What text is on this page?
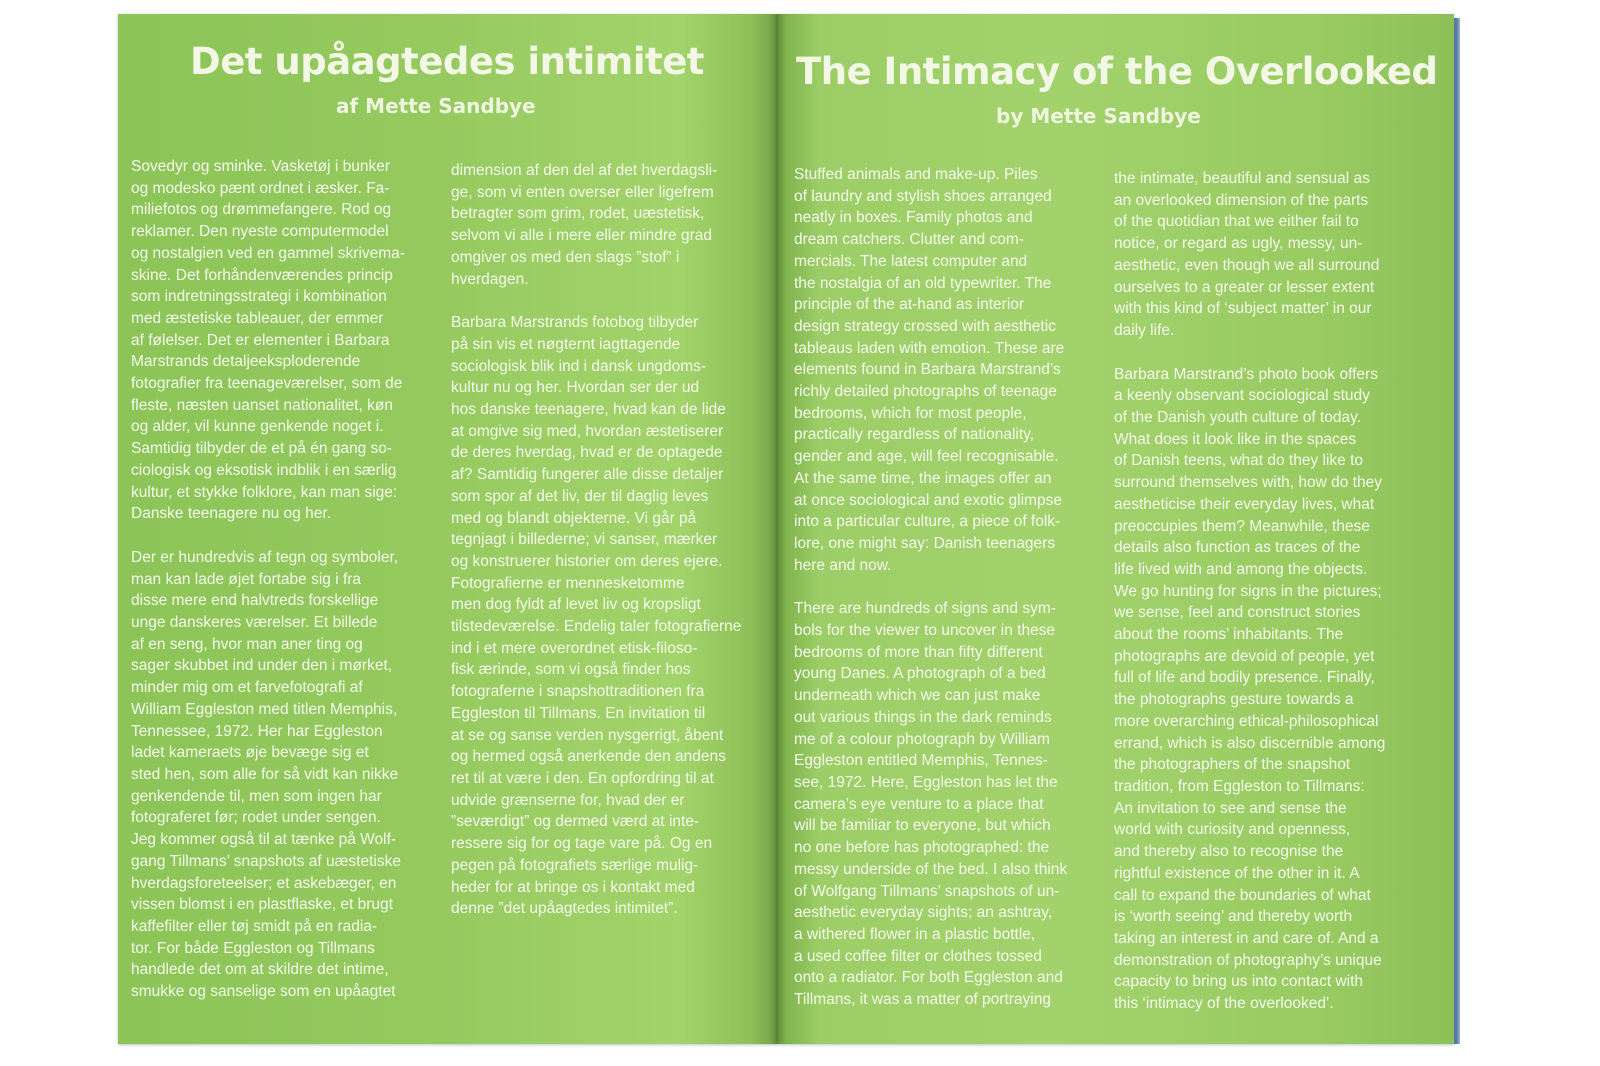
Det upåagtedes intimitet
af Mette Sandbye

Sovedyr og sminke. Vasketøj i bunker
og modesko pænt ordnet i æsker. Fa-
miliefotos og drømmefangere. Rod og
reklamer. Den nyeste computermodel
og nostalgien ved en gammel skrivema-
skine. Det forhåndenværendes princip
som indretningsstrategi i kombination
med æstetiske tableauer, der emmer
af følelser. Det er elementer i Barbara
Marstrands detaljeeksploderende
fotografier fra teenageværelser, som de
fleste, næsten uanset nationalitet, køn
og alder, vil kunne genkende noget i.
Samtidig tilbyder de et på én gang so-
ciologisk og eksotisk indblik i en særlig
kultur, et stykke folklore, kan man sige:
Danske teenagere nu og her.

Der er hundredvis af tegn og symboler,
man kan lade øjet fortabe sig i fra
disse mere end halvtreds forskellige
unge danskeres værelser. Et billede
af en seng, hvor man aner ting og
sager skubbet ind under den i mørket,
minder mig om et farvefotografi af
William Eggleston med titlen Memphis,
Tennessee, 1972. Her har Eggleston
ladet kameraets øje bevæge sig et
sted hen, som alle for så vidt kan nikke
genkendende til, men som ingen har
fotograferet før; rodet under sengen.
Jeg kommer også til at tænke på Wolf-
gang Tillmans’ snapshots af uæstetiske
hverdagsforeteelser; et askebæger, en
vissen blomst i en plastflaske, et brugt
kaffefilter eller tøj smidt på en radia-
tor. For både Eggleston og Tillmans
handlede det om at skildre det intime,
smukke og sanselige som en upåagtet

dimension af den del af det hverdagsli-
ge, som vi enten overser eller ligefrem
betragter som grim, rodet, uæstetisk,
selvom vi alle i mere eller mindre grad
omgiver os med den slags ”stof” i
hverdagen.

Barbara Marstrands fotobog tilbyder
på sin vis et nøgternt iagttagende
sociologisk blik ind i dansk ungdoms-
kultur nu og her. Hvordan ser der ud
hos danske teenagere, hvad kan de lide
at omgive sig med, hvordan æstetiserer
de deres hverdag, hvad er de optagede
af? Samtidig fungerer alle disse detaljer
som spor af det liv, der til daglig leves
med og blandt objekterne. Vi går på
tegnjagt i billederne; vi sanser, mærker
og konstruerer historier om deres ejere.
Fotografierne er mennesketomme
men dog fyldt af levet liv og kropsligt
tilstedeværelse. Endelig taler fotografierne
ind i et mere overordnet etisk-filoso-
fisk ærinde, som vi også finder hos
fotograferne i snapshottraditionen fra
Eggleston til Tillmans. En invitation til
at se og sanse verden nysgerrigt, åbent
og hermed også anerkende den andens
ret til at være i den. En opfordring til at
udvide grænserne for, hvad der er
”seværdigt” og dermed værd at inte-
ressere sig for og tage vare på. Og en
pegen på fotografiets særlige mulig-
heder for at bringe os i kontakt med
denne ”det upåagtedes intimitet”.

The Intimacy of the Overlooked
by Mette Sandbye

Stuffed animals and make-up. Piles
of laundry and stylish shoes arranged
neatly in boxes. Family photos and
dream catchers. Clutter and com-
mercials. The latest computer and
the nostalgia of an old typewriter. The
principle of the at-hand as interior
design strategy crossed with aesthetic
tableaus laden with emotion. These are
elements found in Barbara Marstrand’s
richly detailed photographs of teenage
bedrooms, which for most people,
practically regardless of nationality,
gender and age, will feel recognisable.
At the same time, the images offer an
at once sociological and exotic glimpse
into a particular culture, a piece of folk-
lore, one might say: Danish teenagers
here and now.

There are hundreds of signs and sym-
bols for the viewer to uncover in these
bedrooms of more than fifty different
young Danes. A photograph of a bed
underneath which we can just make
out various things in the dark reminds
me of a colour photograph by William
Eggleston entitled Memphis, Tennes-
see, 1972. Here, Eggleston has let the
camera’s eye venture to a place that
will be familiar to everyone, but which
no one before has photographed: the
messy underside of the bed. I also think
of Wolfgang Tillmans’ snapshots of un-
aesthetic everyday sights; an ashtray,
a withered flower in a plastic bottle,
a used coffee filter or clothes tossed
onto a radiator. For both Eggleston and
Tillmans, it was a matter of portraying

the intimate, beautiful and sensual as
an overlooked dimension of the parts
of the quotidian that we either fail to
notice, or regard as ugly, messy, un-
aesthetic, even though we all surround
ourselves to a greater or lesser extent
with this kind of ‘subject matter’ in our
daily life.

Barbara Marstrand’s photo book offers
a keenly observant sociological study
of the Danish youth culture of today.
What does it look like in the spaces
of Danish teens, what do they like to
surround themselves with, how do they
aestheticise their everyday lives, what
preoccupies them? Meanwhile, these
details also function as traces of the
life lived with and among the objects.
We go hunting for signs in the pictures;
we sense, feel and construct stories
about the rooms’ inhabitants. The
photographs are devoid of people, yet
full of life and bodily presence. Finally,
the photographs gesture towards a
more overarching ethical-philosophical
errand, which is also discernible among
the photographers of the snapshot
tradition, from Eggleston to Tillmans:
An invitation to see and sense the
world with curiosity and openness,
and thereby also to recognise the
rightful existence of the other in it. A
call to expand the boundaries of what
is ‘worth seeing’ and thereby worth
taking an interest in and care of. And a
demonstration of photography’s unique
capacity to bring us into contact with
this ‘intimacy of the overlooked’.
